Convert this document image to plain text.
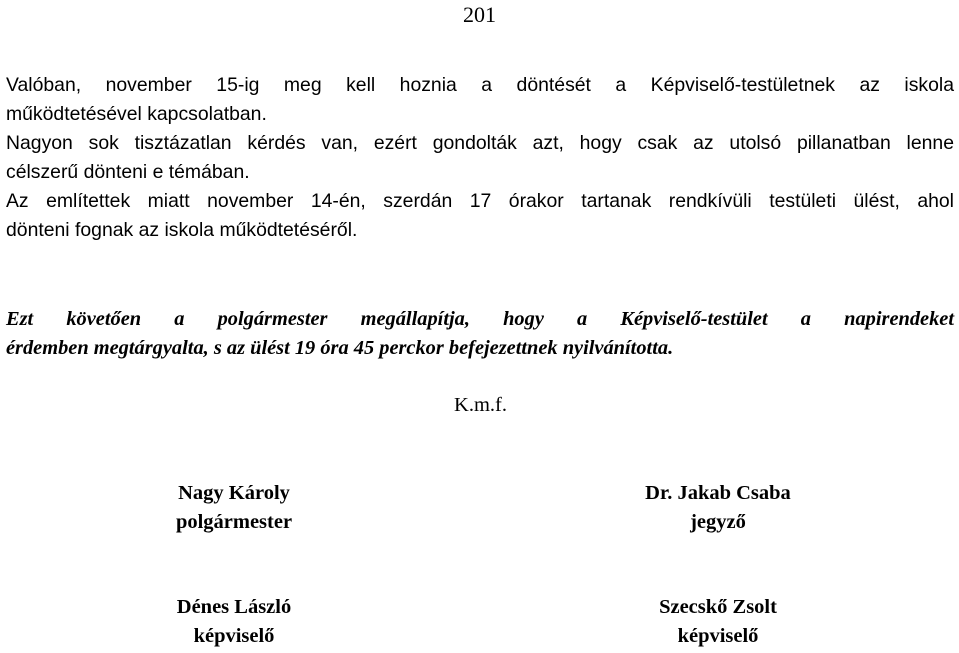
201
Valóban, november 15-ig meg kell hoznia a döntését a Képviselő-testületnek az iskola
működtetésével kapcsolatban.
Nagyon sok tisztázatlan kérdés van, ezért gondolták azt, hogy csak az utolsó pillanatban lenne
célszerű dönteni e témában.
Az említettek miatt november 14-én, szerdán 17 órakor tartanak rendkívüli testületi ülést, ahol
dönteni fognak az iskola működtetéséről.
Ezt követően a polgármester megállapítja, hogy a Képviselő-testület a napirendeket
érdemben megtárgyalta, s az ülést 19 óra 45 perckor befejezettnek nyilvánította.
K.m.f.
Nagy Károly
polgármester
Dr. Jakab Csaba
jegyző
Dénes László
képviselő
Szecskő Zsolt
képviselő
